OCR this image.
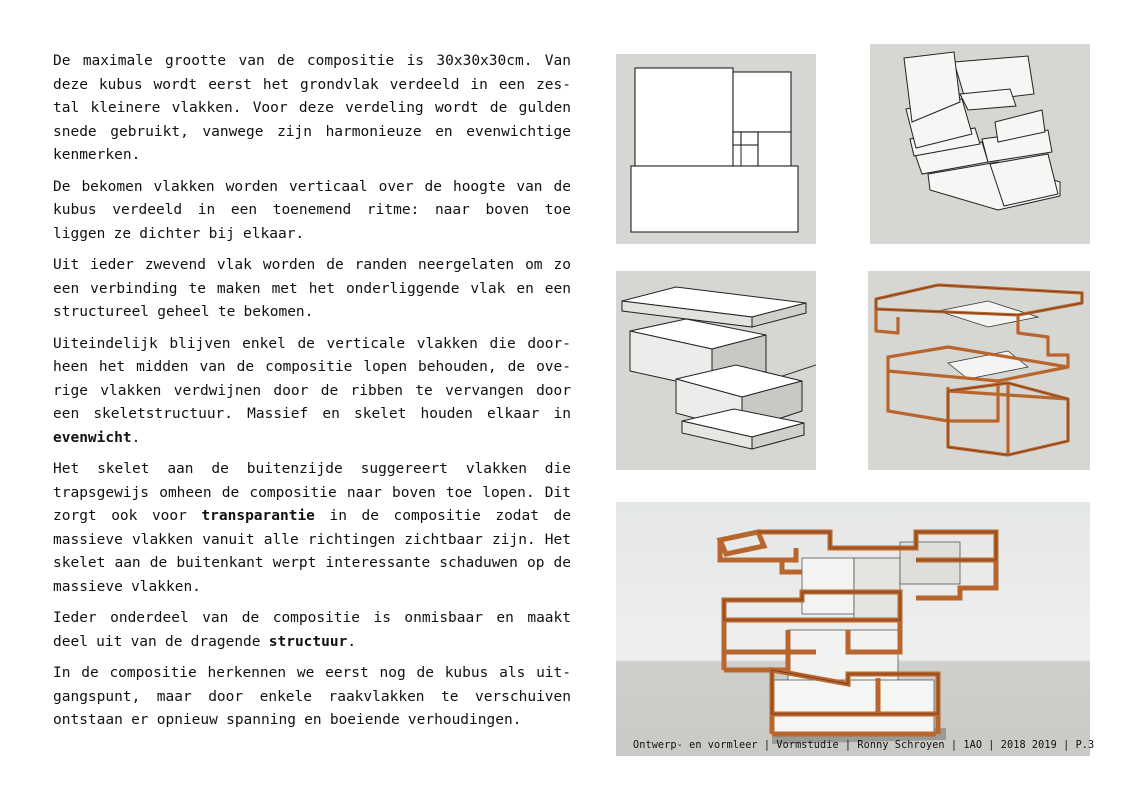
De maximale grootte van de compositie is 30x30x30cm. Van deze kubus wordt eerst het grondvlak verdeeld in een zes-tal kleinere vlakken. Voor deze verdeling wordt de gulden snede gebruikt, vanwege zijn harmonieuze en evenwichtige kenmerken.

De bekomen vlakken worden verticaal over de hoogte van de kubus verdeeld in een toenemend ritme: naar boven toe liggen ze dichter bij elkaar.

Uit ieder zwevend vlak worden de randen neergelaten om zo een verbinding te maken met het onderliggende vlak en een structureel geheel te bekomen.

Uiteindelijk blijven enkel de verticale vlakken die door-heen het midden van de compositie lopen behouden, de ove-rige vlakken verdwijnen door de ribben te vervangen door een skeletstructuur. Massief en skelet houden elkaar in evenwicht.

Het skelet aan de buitenzijde suggereert vlakken die trapsgewijs omheen de compositie naar boven toe lopen. Dit zorgt ook voor transparantie in de compositie zodat de massieve vlakken vanuit alle richtingen zichtbaar zijn. Het skelet aan de buitenkant werpt interessante schaduwen op de massieve vlakken.

Ieder onderdeel van de compositie is onmisbaar en maakt deel uit van de dragende structuur.

In de compositie herkennen we eerst nog de kubus als uit-gangspunt, maar door enkele raakvlakken te verschuiven ontstaan er opnieuw spanning en boeiende verhoudingen.

Ontwerp- en vormleer | Vormstudie | Ronny Schroyen | 1AO | 2018 2019 | P.3
